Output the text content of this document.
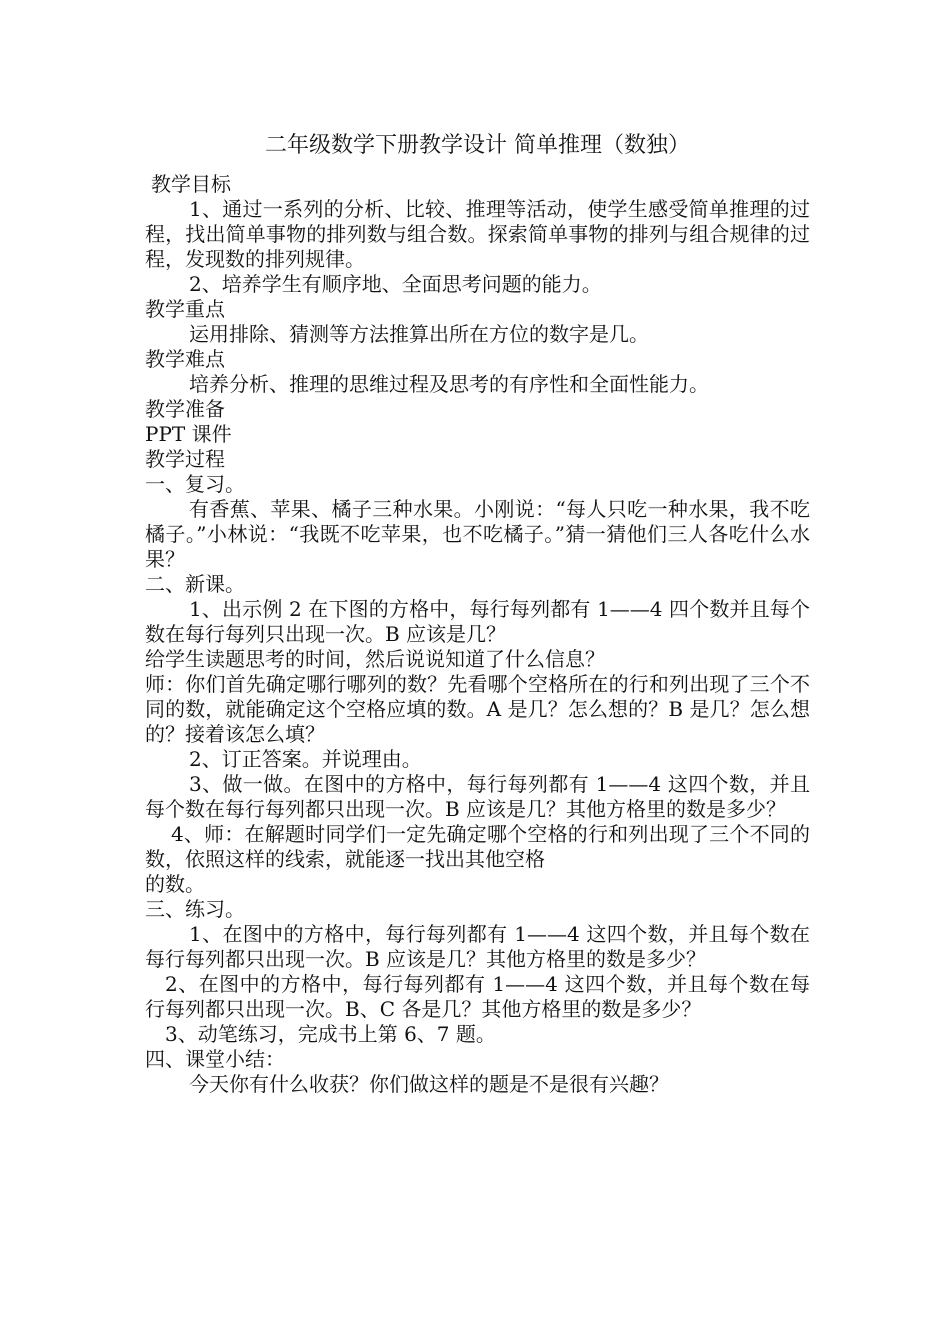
二年级数学下册教学设计 简单推理（数独）

教学目标

1、通过一系列的分析、比较、推理等活动，使学生感受简单推理的过程，找出简单事物的排列数与组合数。探索简单事物的排列与组合规律的过程，发现数的排列规律。

2、培养学生有顺序地、全面思考问题的能力。

教学重点

运用排除、猜测等方法推算出所在方位的数字是几。

教学难点

培养分析、推理的思维过程及思考的有序性和全面性能力。

教学准备

PPT 课件

教学过程

一、复习。

有香蕉、苹果、橘子三种水果。小刚说：“每人只吃一种水果，我不吃橘子。”小林说：“我既不吃苹果，也不吃橘子。”猜一猜他们三人各吃什么水果？

二、新课。

1、出示例 2 在下图的方格中，每行每列都有 1——4 四个数并且每个数在每行每列只出现一次。B 应该是几？

给学生读题思考的时间，然后说说知道了什么信息？

师：你们首先确定哪行哪列的数？先看哪个空格所在的行和列出现了三个不同的数，就能确定这个空格应填的数。A 是几？怎么想的？B 是几？怎么想的？接着该怎么填？

2、订正答案。并说理由。

3、做一做。在图中的方格中，每行每列都有 1——4 这四个数，并且每个数在每行每列都只出现一次。B 应该是几？其他方格里的数是多少？

4、师：在解题时同学们一定先确定哪个空格的行和列出现了三个不同的数，依照这样的线索，就能逐一找出其他空格

的数。

三、练习。

1、在图中的方格中，每行每列都有 1——4 这四个数，并且每个数在每行每列都只出现一次。B 应该是几？其他方格里的数是多少？

2、在图中的方格中，每行每列都有 1——4 这四个数，并且每个数在每行每列都只出现一次。B、C 各是几？其他方格里的数是多少？

3、动笔练习，完成书上第 6、7 题。

四、课堂小结：

今天你有什么收获？你们做这样的题是不是很有兴趣？
